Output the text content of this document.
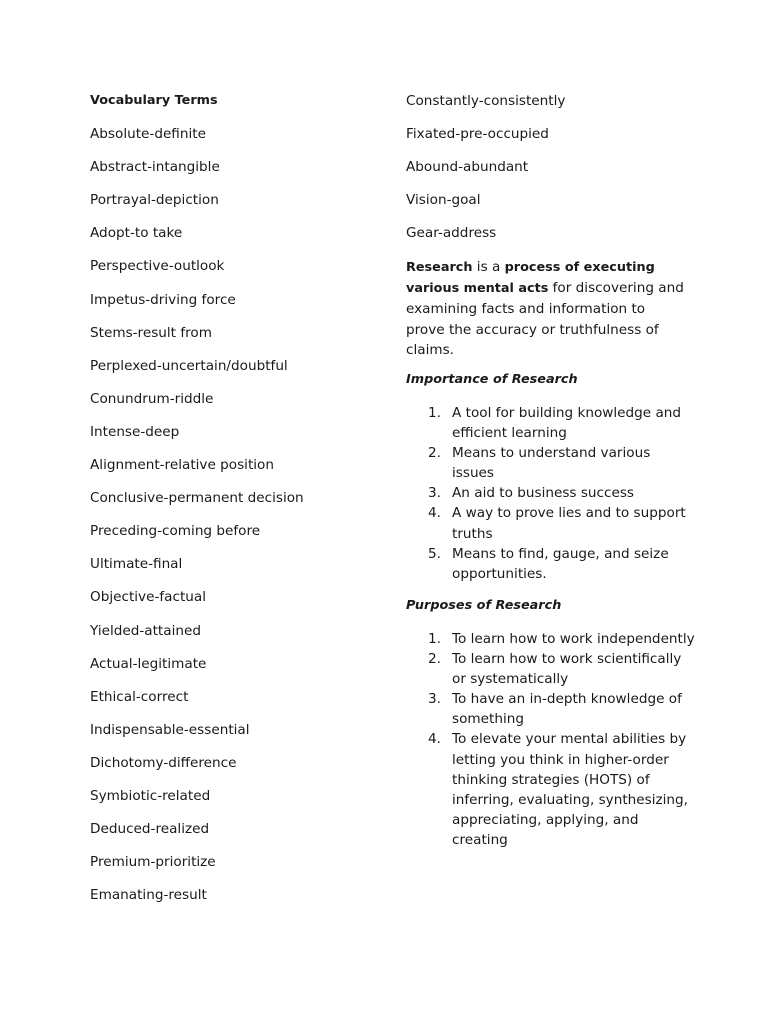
Vocabulary Terms
Absolute-definite
Abstract-intangible
Portrayal-depiction
Adopt-to take
Perspective-outlook
Impetus-driving force
Stems-result from
Perplexed-uncertain/doubtful
Conundrum-riddle
Intense-deep
Alignment-relative position
Conclusive-permanent decision
Preceding-coming before
Ultimate-final
Objective-factual
Yielded-attained
Actual-legitimate
Ethical-correct
Indispensable-essential
Dichotomy-difference
Symbiotic-related
Deduced-realized
Premium-prioritize
Emanating-result
Constantly-consistently
Fixated-pre-occupied
Abound-abundant
Vision-goal
Gear-address
Research is a process of executing various mental acts for discovering and examining facts and information to prove the accuracy or truthfulness of claims.
Importance of Research
1. A tool for building knowledge and efficient learning
2. Means to understand various issues
3. An aid to business success
4. A way to prove lies and to support truths
5. Means to find, gauge, and seize opportunities.
Purposes of Research
1. To learn how to work independently
2. To learn how to work scientifically or systematically
3. To have an in-depth knowledge of something
4. To elevate your mental abilities by letting you think in higher-order thinking strategies (HOTS) of inferring, evaluating, synthesizing, appreciating, applying, and creating
